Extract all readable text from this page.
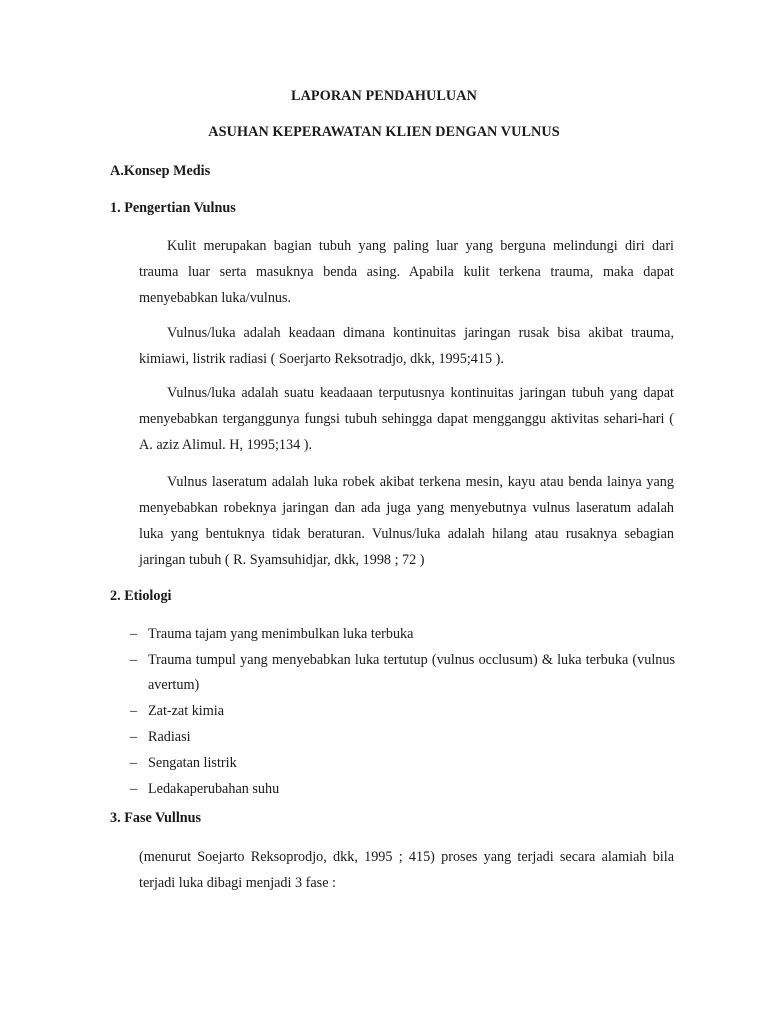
LAPORAN PENDAHULUAN
ASUHAN KEPERAWATAN KLIEN DENGAN VULNUS
A.Konsep Medis
1. Pengertian Vulnus
Kulit merupakan bagian tubuh yang paling luar yang berguna melindungi diri dari trauma luar serta masuknya benda asing. Apabila kulit terkena trauma, maka dapat menyebabkan luka/vulnus.
Vulnus/luka adalah keadaan dimana kontinuitas jaringan rusak bisa akibat trauma, kimiawi, listrik radiasi ( Soerjarto Reksotradjo, dkk, 1995;415 ).
Vulnus/luka adalah suatu keadaaan terputusnya kontinuitas jaringan tubuh yang dapat menyebabkan terganggunya fungsi tubuh sehingga dapat mengganggu aktivitas sehari-hari ( A. aziz Alimul. H, 1995;134 ).
Vulnus laseratum adalah luka robek akibat terkena mesin, kayu atau benda lainya yang menyebabkan robeknya jaringan dan ada juga yang menyebutnya vulnus laseratum adalah luka yang bentuknya tidak beraturan. Vulnus/luka adalah hilang atau rusaknya sebagian jaringan tubuh ( R. Syamsuhidjar, dkk, 1998 ; 72 )
2. Etiologi
– Trauma tajam yang menimbulkan luka terbuka
– Trauma tumpul yang menyebabkan luka tertutup (vulnus occlusum) & luka terbuka (vulnus avertum)
– Zat-zat kimia
– Radiasi
– Sengatan listrik
– Ledakaperubahan suhu
3. Fase Vullnus
(menurut Soejarto Reksoprodjo, dkk, 1995 ; 415) proses yang terjadi secara alamiah bila terjadi luka dibagi menjadi 3 fase :
